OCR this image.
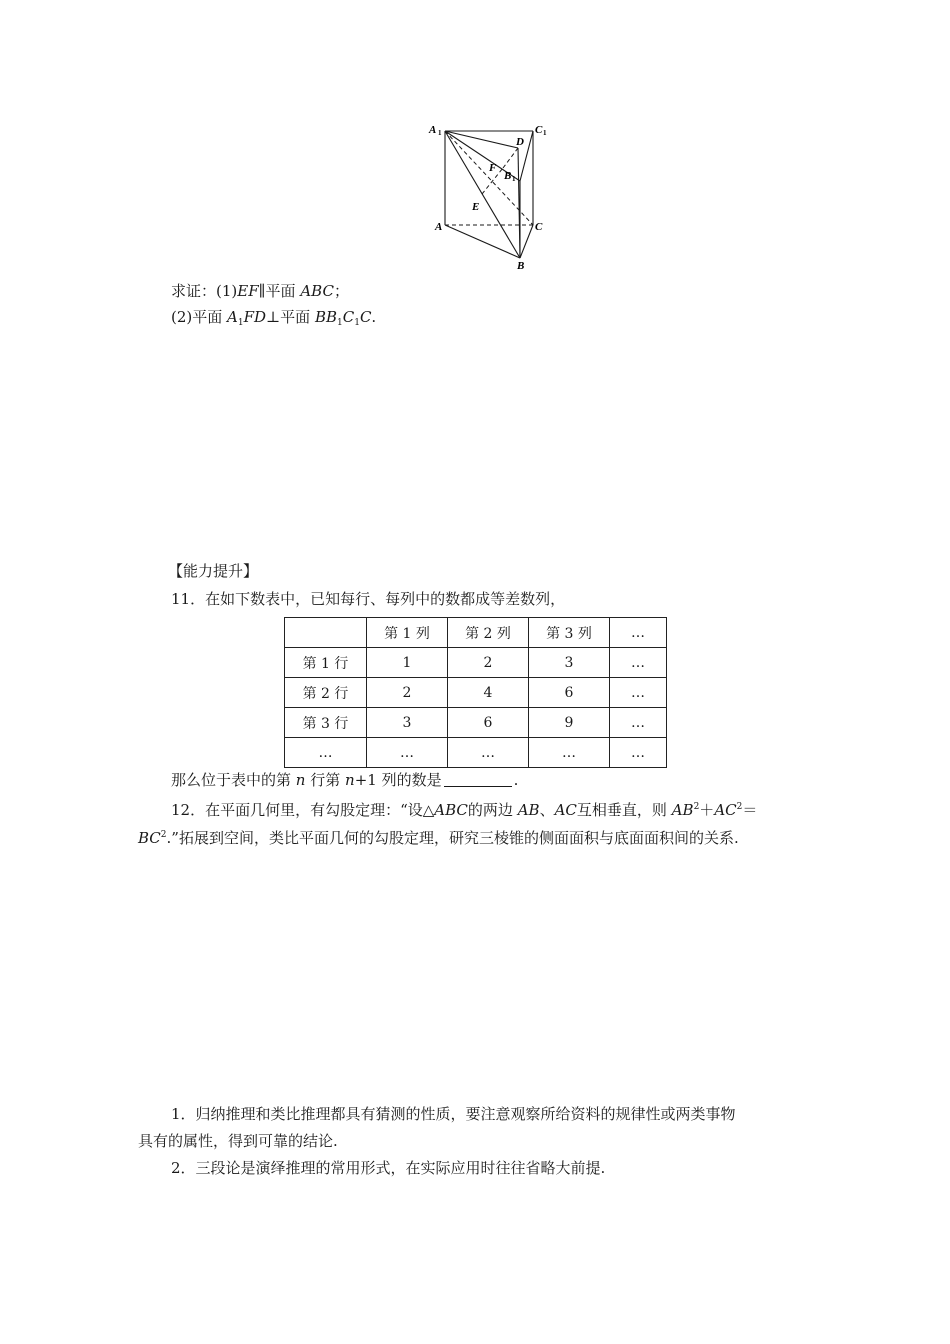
A 1	C 1
D
F
B 1
E
A	C
B
求证：(1)EF∥平面 ABC；
(2)平面 $A_1FD\perp$平面 $BB_1C_1C$.
【能力提升】
11．在如下数表中，已知每行、每列中的数都成等差数列，
	第 1 列	第 2 列	第 3 列	…
第 1 行	1	2	3	…
第 2 行	2	4	6	…
第 3 行	3	6	9	…
…	…	…	…	…
那么位于表中的第 n 行第 n+1 列的数是	.
12．在平面几何里，有勾股定理：“设△ABC的两边 AB、AC互相垂直，则 $AB^2+AC^2=$
$BC^2$.”拓展到空间，类比平面几何的勾股定理，研究三棱锥的侧面面积与底面面积间的关系.
1．归纳推理和类比推理都具有猜测的性质，要注意观察所给资料的规律性或两类事物
具有的属性，得到可靠的结论.
2．三段论是演绎推理的常用形式，在实际应用时往往省略大前提.
